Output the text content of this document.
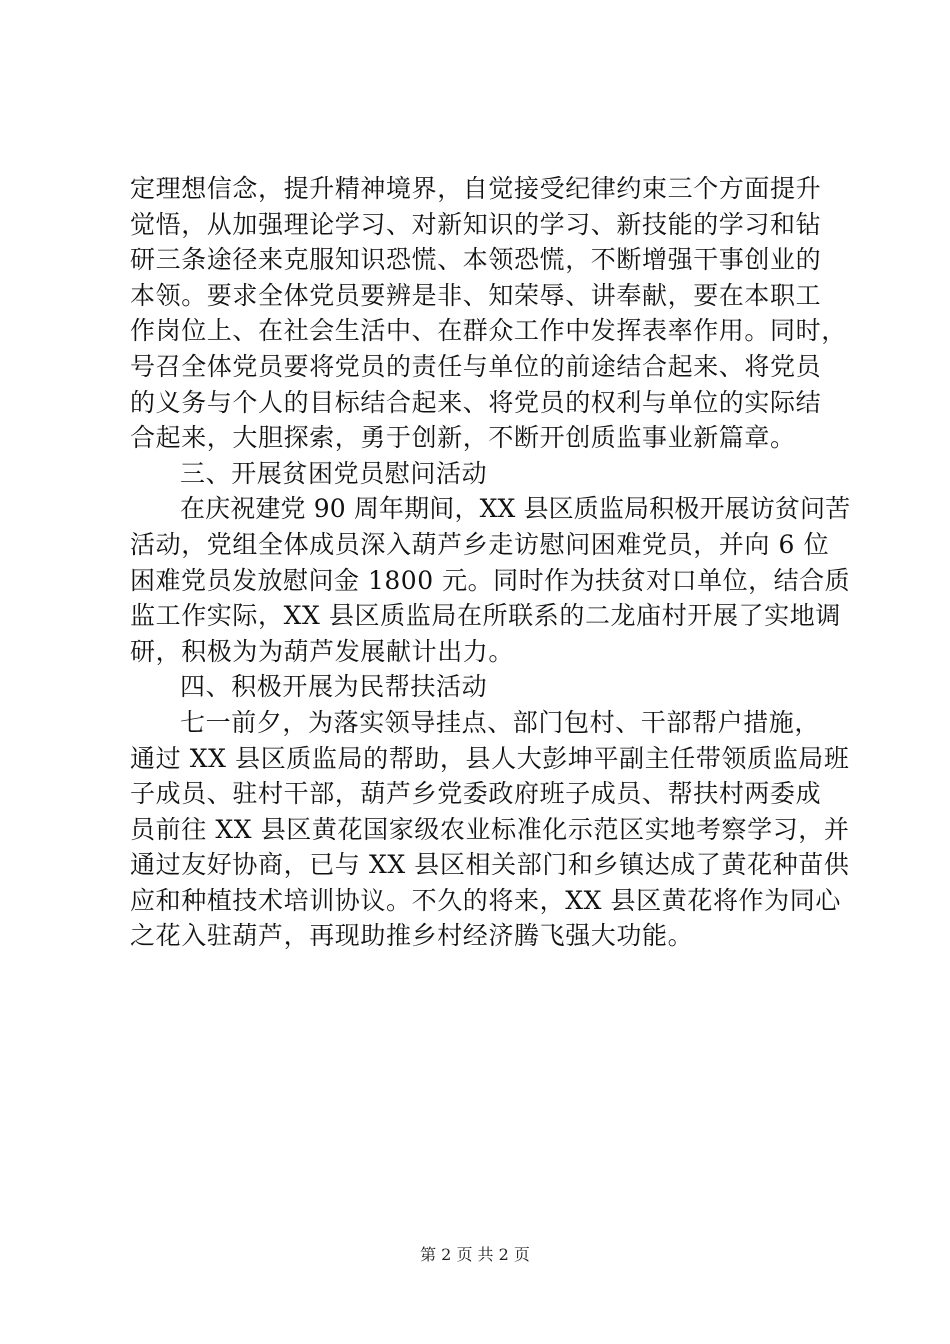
定理想信念，提升精神境界，自觉接受纪律约束三个方面提升
觉悟，从加强理论学习、对新知识的学习、新技能的学习和钻
研三条途径来克服知识恐慌、本领恐慌，不断增强干事创业的
本领。要求全体党员要辨是非、知荣辱、讲奉献，要在本职工
作岗位上、在社会生活中、在群众工作中发挥表率作用。同时，
号召全体党员要将党员的责任与单位的前途结合起来、将党员
的义务与个人的目标结合起来、将党员的权利与单位的实际结
合起来，大胆探索，勇于创新，不断开创质监事业新篇章。
三、开展贫困党员慰问活动
在庆祝建党 90 周年期间，XX 县区质监局积极开展访贫问苦
活动，党组全体成员深入葫芦乡走访慰问困难党员，并向 6 位
困难党员发放慰问金 1800 元。同时作为扶贫对口单位，结合质
监工作实际，XX 县区质监局在所联系的二龙庙村开展了实地调
研，积极为为葫芦发展献计出力。
四、积极开展为民帮扶活动
七一前夕，为落实领导挂点、部门包村、干部帮户措施，
通过 XX 县区质监局的帮助，县人大彭坤平副主任带领质监局班
子成员、驻村干部，葫芦乡党委政府班子成员、帮扶村两委成
员前往 XX 县区黄花国家级农业标准化示范区实地考察学习，并
通过友好协商，已与 XX 县区相关部门和乡镇达成了黄花种苗供
应和种植技术培训协议。不久的将来，XX 县区黄花将作为同心
之花入驻葫芦，再现助推乡村经济腾飞强大功能。
第 2 页 共 2 页
